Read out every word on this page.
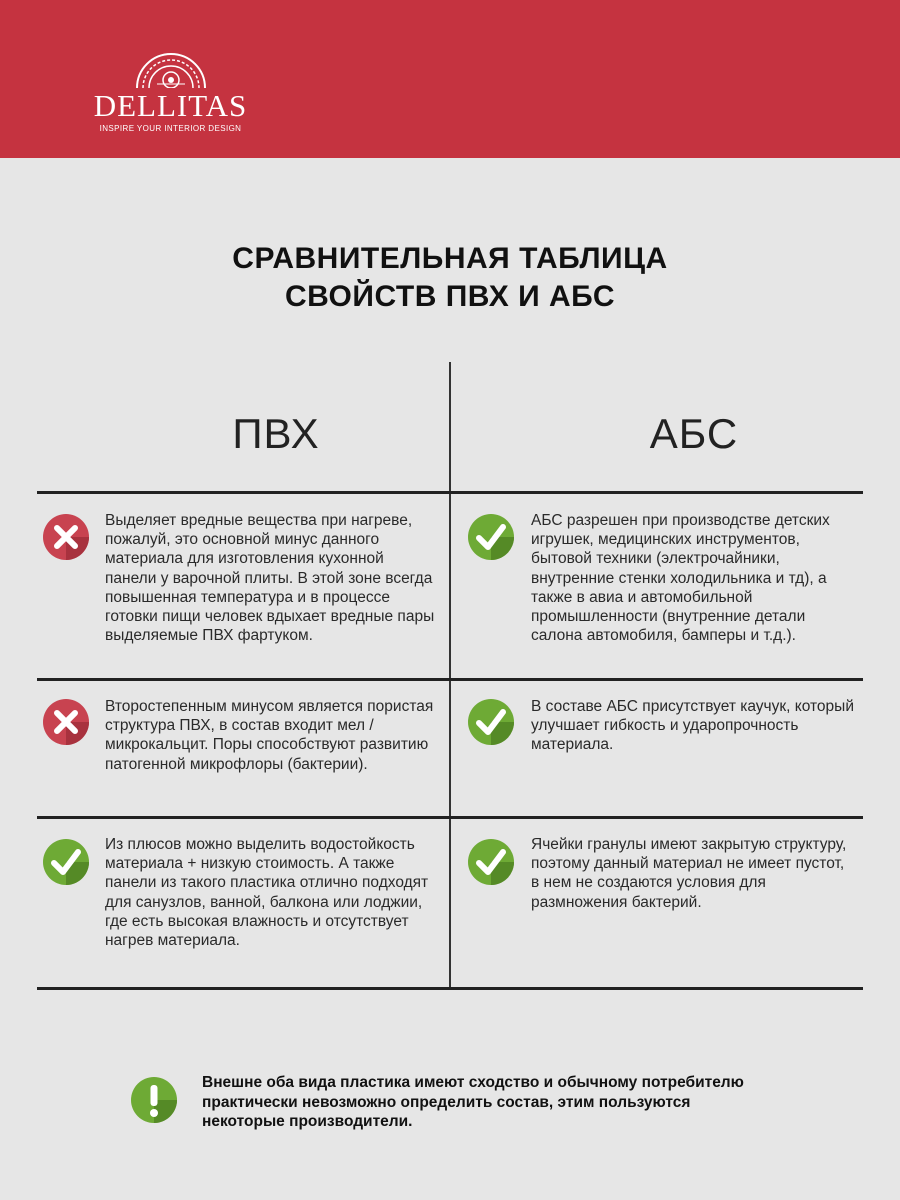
DELLITAS
INSPIRE YOUR INTERIOR DESIGN
СРАВНИТЕЛЬНАЯ ТАБЛИЦА
СВОЙСТВ ПВХ И АБС
ПВХ	АБС
Выделяет вредные вещества при нагреве, пожалуй, это основной минус данного материала для изготовления кухонной панели у варочной плиты. В этой зоне всегда повышенная температура и в процессе готовки пищи человек вдыхает вредные пары выделяемые ПВХ фартуком.
АБС разрешен при производстве детских игрушек, медицинских инструментов, бытовой техники (электрочайники, внутренние стенки холодильника и тд), а также в авиа и автомобильной промышленности (внутренние детали салона автомобиля, бамперы и т.д.).
Второстепенным минусом является пористая структура ПВХ, в состав входит мел / микрокальцит. Поры способствуют развитию патогенной микрофлоры (бактерии).
В составе АБС присутствует каучук, который улучшает гибкость и ударопрочность материала.
Из плюсов можно выделить водостойкость материала + низкую стоимость. А также панели из такого пластика отлично подходят для санузлов, ванной, балкона или лоджии, где есть высокая влажность и отсутствует нагрев материала.
Ячейки гранулы имеют закрытую структуру, поэтому данный материал не имеет пустот, в нем не создаются условия для размножения бактерий.
Внешне оба вида пластика имеют сходство и обычному потребителю практически невозможно определить состав, этим пользуются некоторые производители.
